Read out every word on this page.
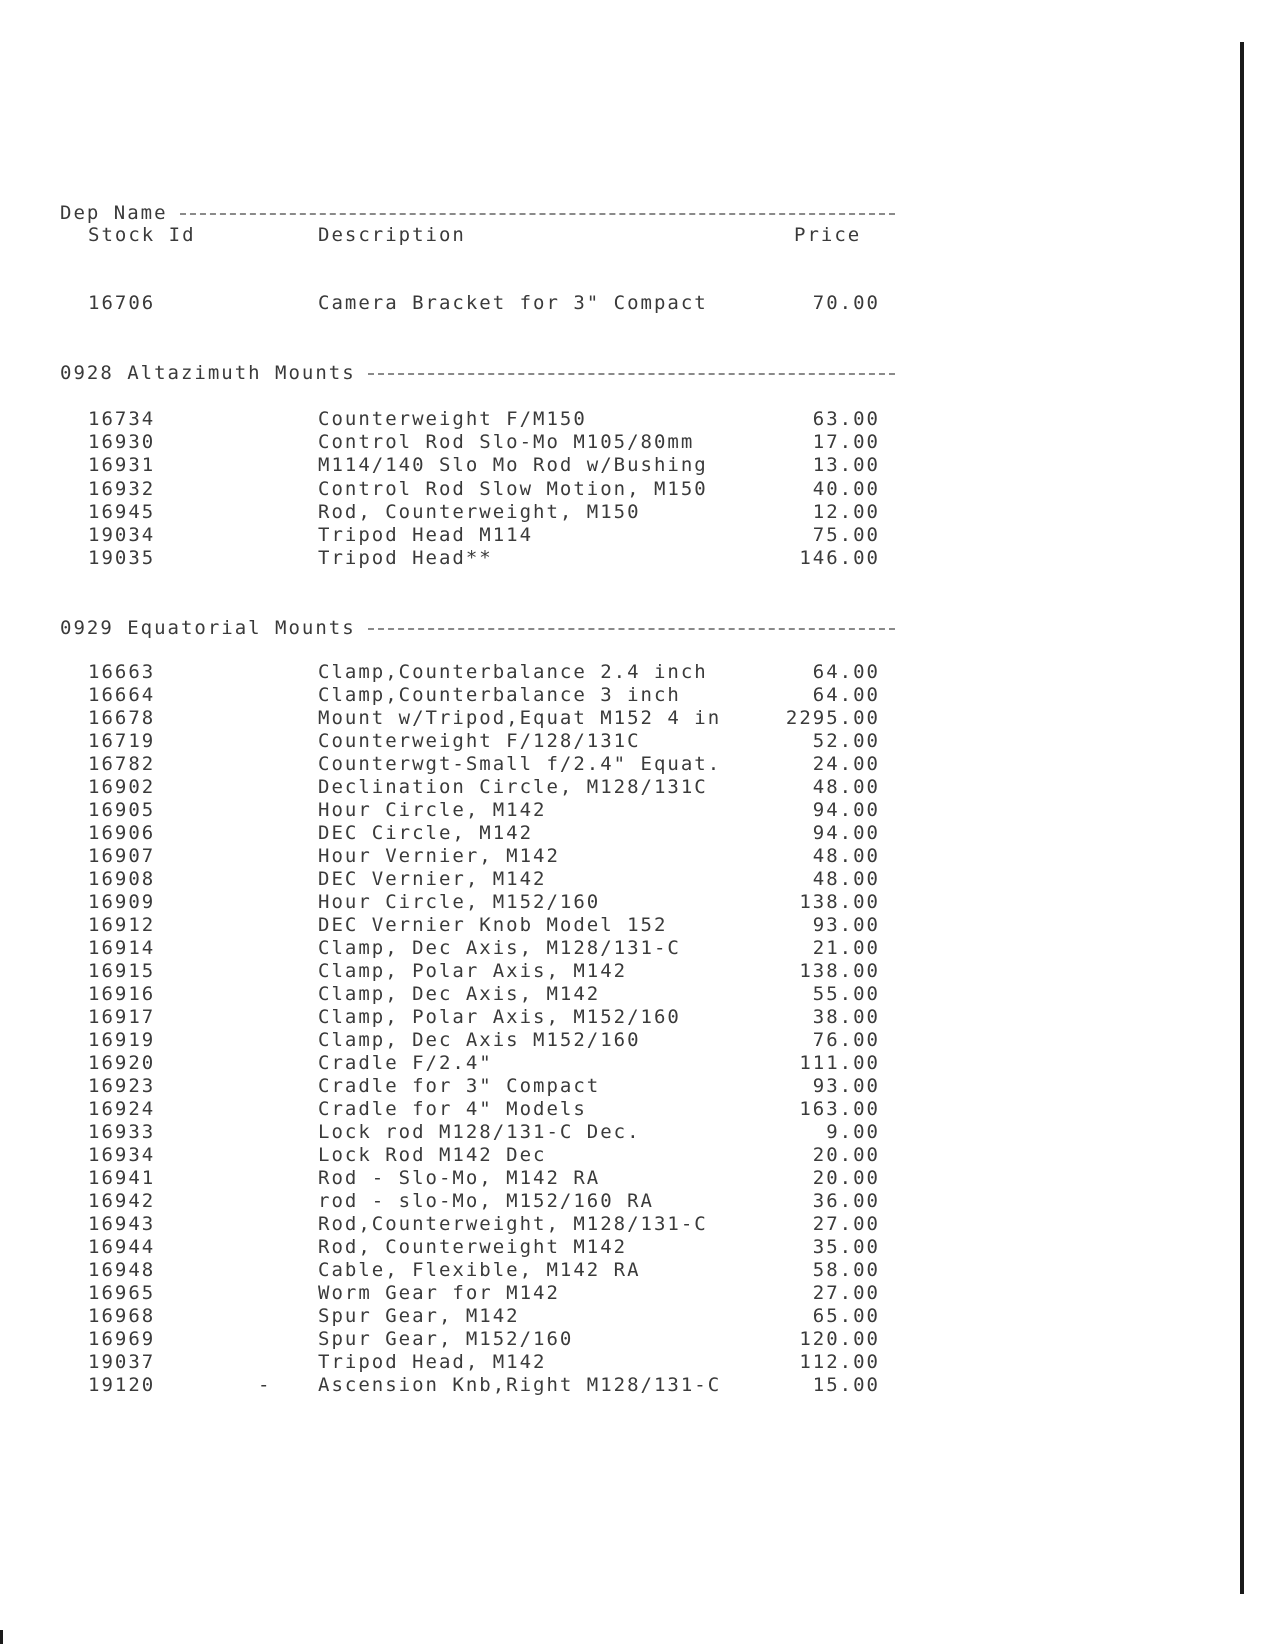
Dep Name
Stock Id	Description	Price
16706	Camera Bracket for 3" Compact	70.00
0928 Altazimuth Mounts
16734	Counterweight F/M150	63.00
16930	Control Rod Slo-Mo M105/80mm	17.00
16931	M114/140 Slo Mo Rod w/Bushing	13.00
16932	Control Rod Slow Motion, M150	40.00
16945	Rod, Counterweight, M150	12.00
19034	Tripod Head M114	75.00
19035	Tripod Head**	146.00
0929 Equatorial Mounts
16663	Clamp,Counterbalance 2.4 inch	64.00
16664	Clamp,Counterbalance 3 inch	64.00
16678	Mount w/Tripod,Equat M152 4 in	2295.00
16719	Counterweight F/128/131C	52.00
16782	Counterwgt-Small f/2.4" Equat.	24.00
16902	Declination Circle, M128/131C	48.00
16905	Hour Circle, M142	94.00
16906	DEC Circle, M142	94.00
16907	Hour Vernier, M142	48.00
16908	DEC Vernier, M142	48.00
16909	Hour Circle, M152/160	138.00
16912	DEC Vernier Knob Model 152	93.00
16914	Clamp, Dec Axis, M128/131-C	21.00
16915	Clamp, Polar Axis, M142	138.00
16916	Clamp, Dec Axis, M142	55.00
16917	Clamp, Polar Axis, M152/160	38.00
16919	Clamp, Dec Axis M152/160	76.00
16920	Cradle F/2.4"	111.00
16923	Cradle for 3" Compact	93.00
16924	Cradle for 4" Models	163.00
16933	Lock rod M128/131-C Dec.	9.00
16934	Lock Rod M142 Dec	20.00
16941	Rod - Slo-Mo, M142 RA	20.00
16942	rod - slo-Mo, M152/160 RA	36.00
16943	Rod,Counterweight, M128/131-C	27.00
16944	Rod, Counterweight M142	35.00
16948	Cable, Flexible, M142 RA	58.00
16965	Worm Gear for M142	27.00
16968	Spur Gear, M142	65.00
16969	Spur Gear, M152/160	120.00
19037	Tripod Head, M142	112.00
19120	- Ascension Knb,Right M128/131-C	15.00
